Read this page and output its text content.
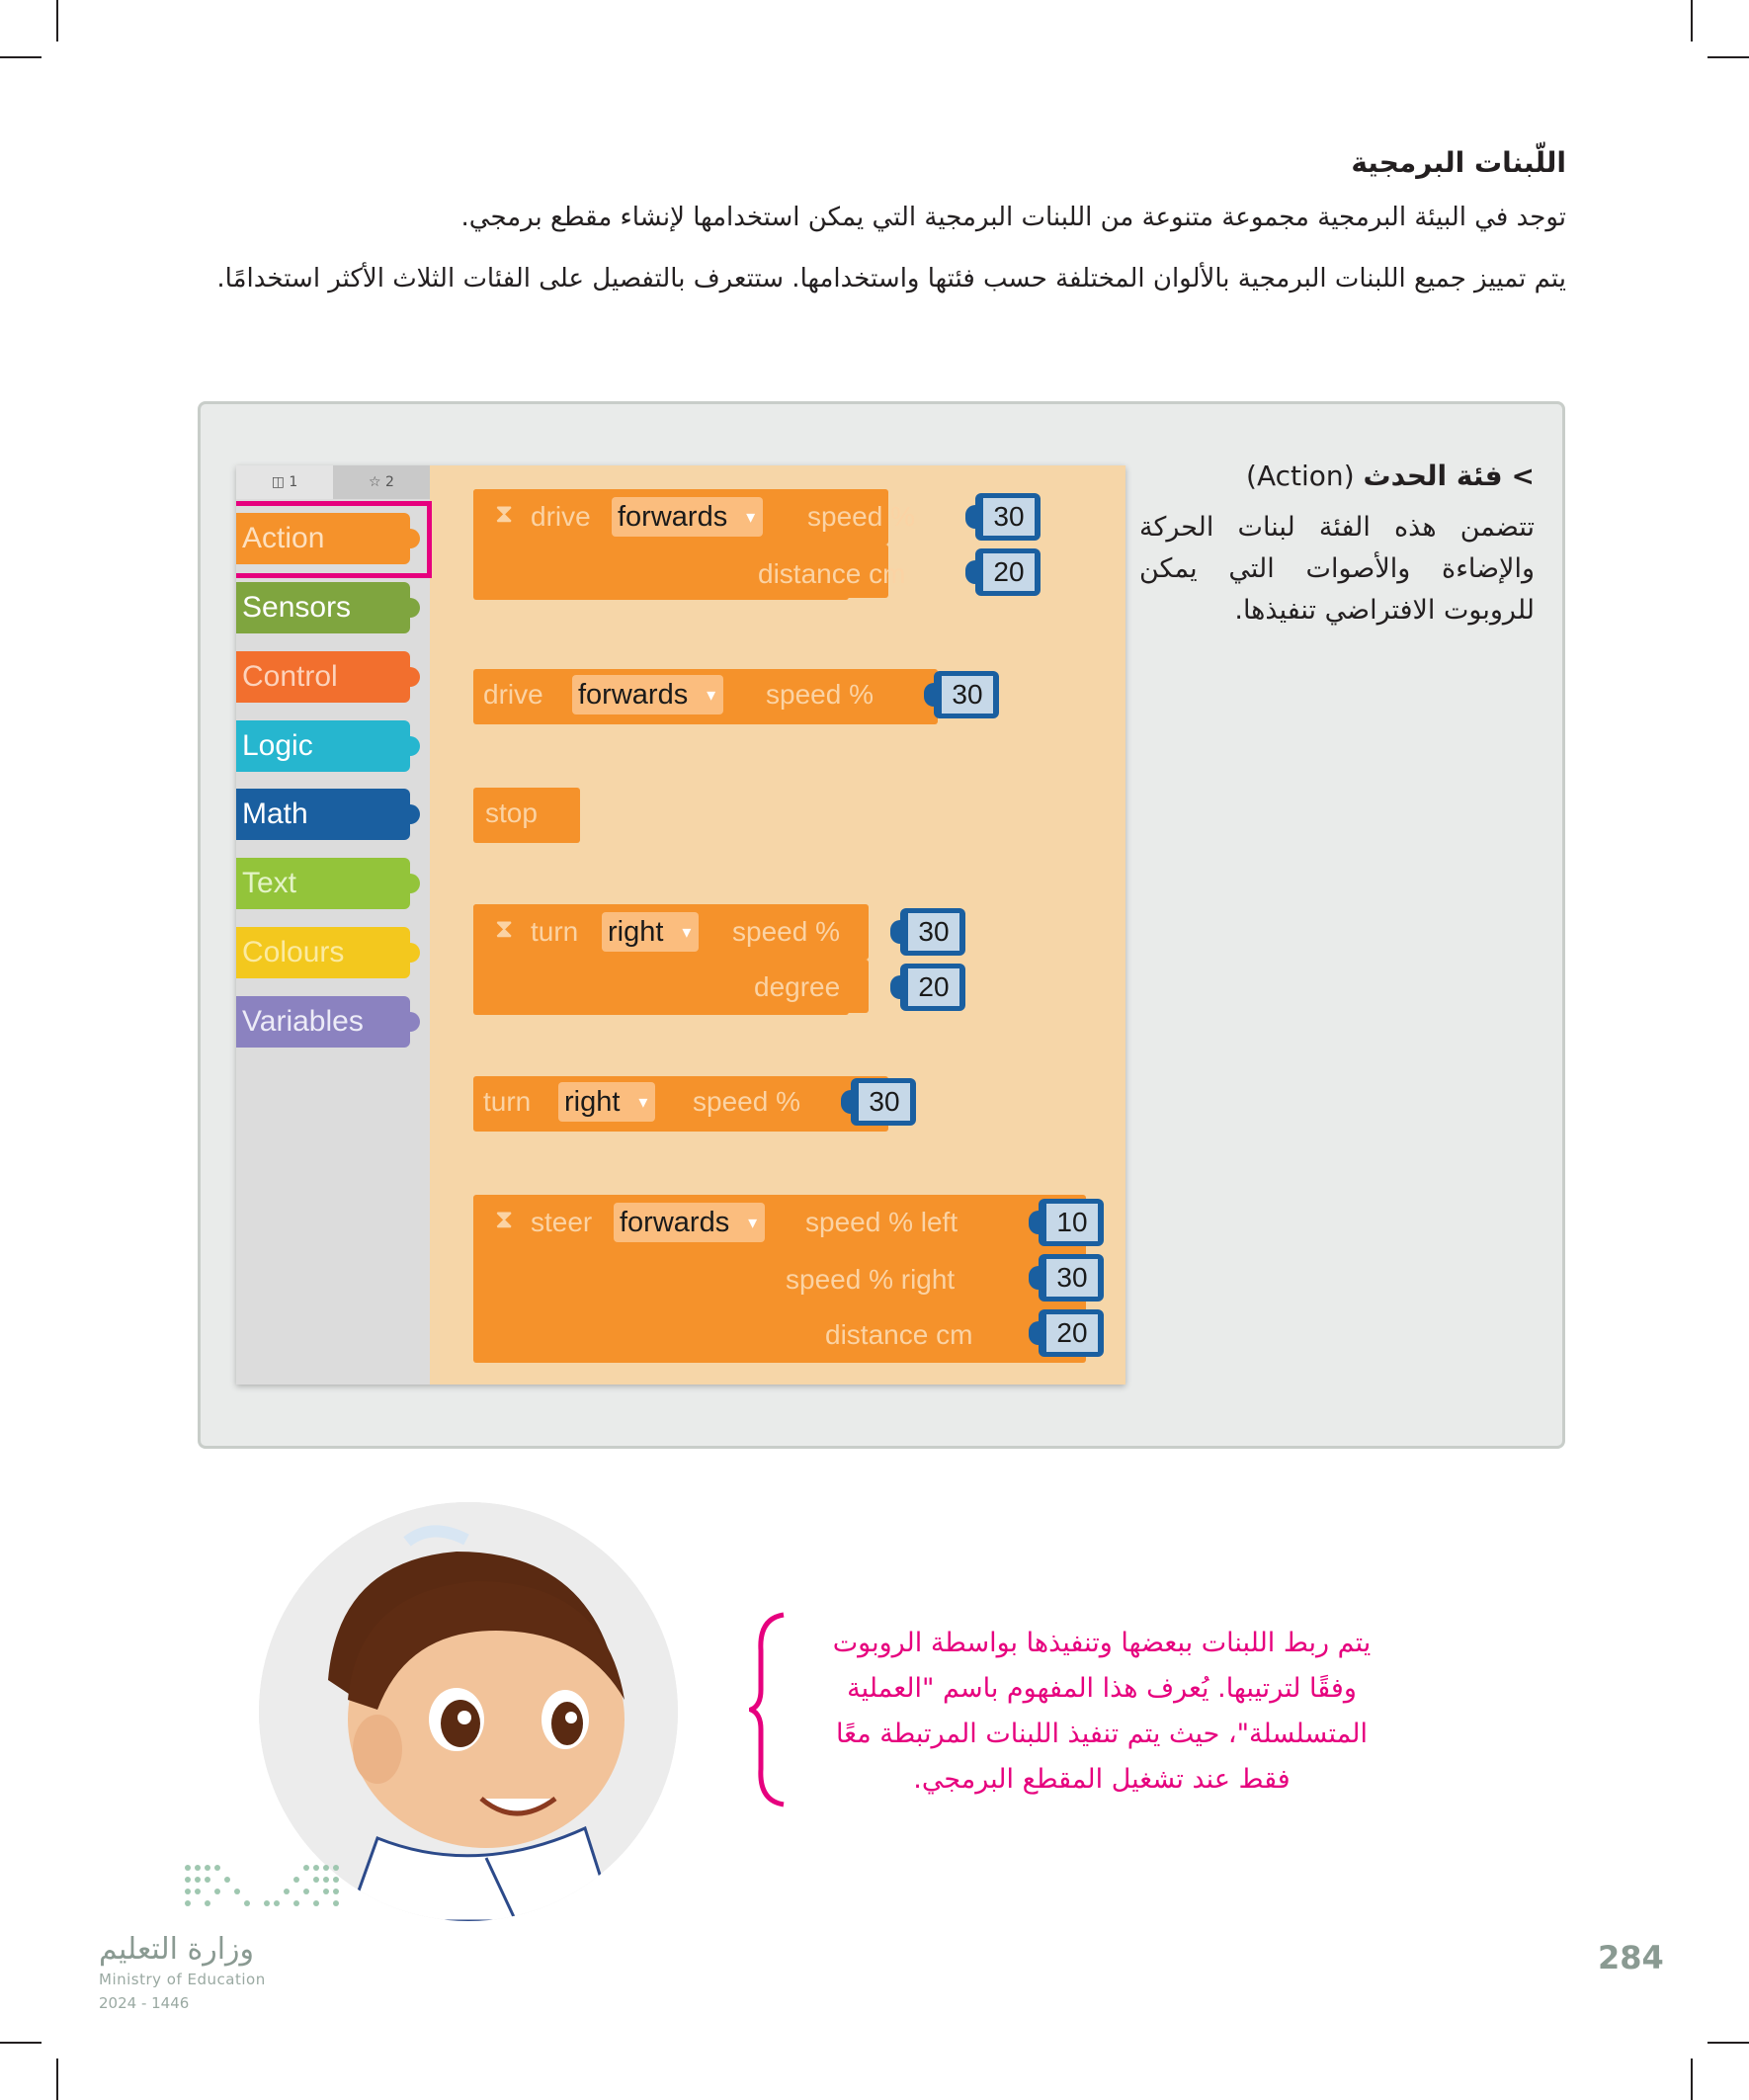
اللّبنات البرمجية
توجد في البيئة البرمجية مجموعة متنوعة من اللبنات البرمجية التي يمكن استخدامها لإنشاء مقطع برمجي.
يتم تمييز جميع اللبنات البرمجية بالألوان المختلفة حسب فئتها واستخدامها. ستتعرف بالتفصيل على الفئات الثلاث الأكثر استخدامًا.
◫ 1	☆ 2
Action
Sensors
Control
Logic
Math
Text
Colours
Variables
⧗ drive forwards ▾	speed %	30
distance cm	20
drive forwards ▾	speed %	30
stop
⧗ turn right ▾	speed %	30
degree	20
turn right ▾	speed %	30
⧗ steer forwards ▾	speed % left	10
speed % right	30
distance cm	20
> فئة الحدث (Action)
تتضمن هذه الفئة لبنات الحركة والإضاءة والأصوات التي يمكن للروبوت الافتراضي تنفيذها.
يتم ربط اللبنات ببعضها وتنفيذها بواسطة الروبوت وفقًا لترتيبها. يُعرف هذا المفهوم باسم "العملية المتسلسلة"، حيث يتم تنفيذ اللبنات المرتبطة معًا فقط عند تشغيل المقطع البرمجي.
وزارة التعليم
Ministry of Education
2024 - 1446
284
